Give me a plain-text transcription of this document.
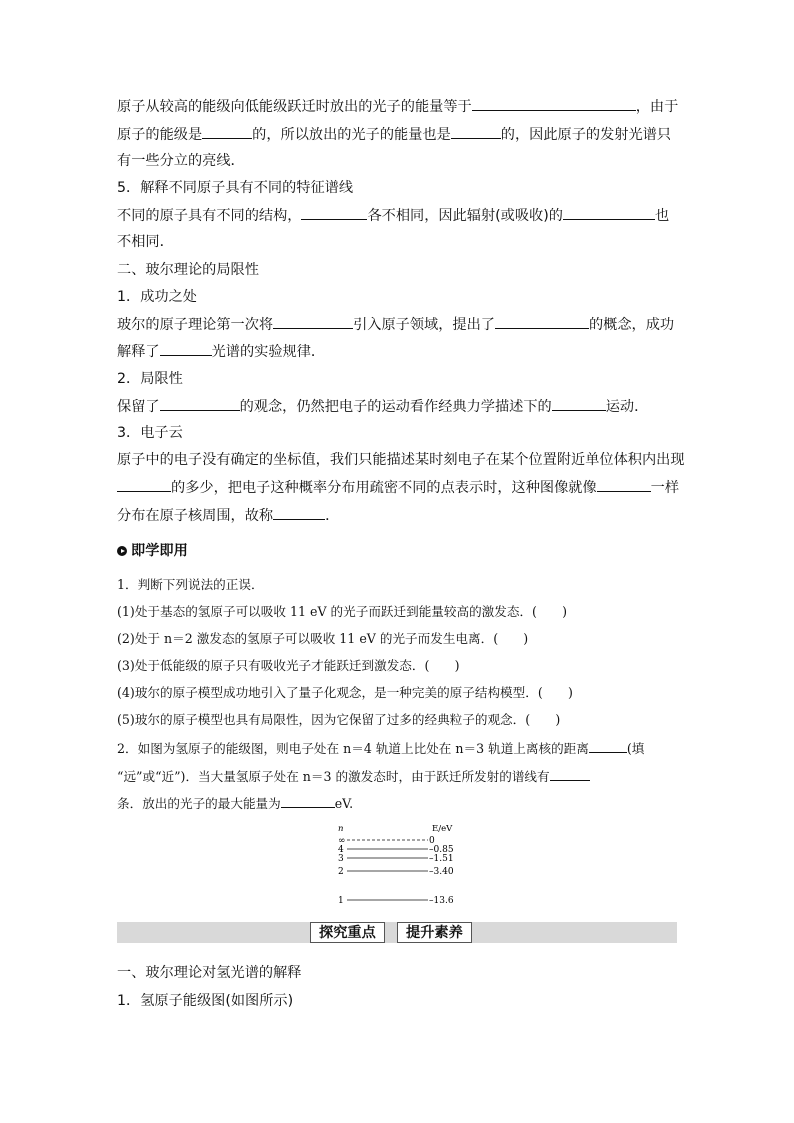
原子从较高的能级向低能级跃迁时放出的光子的能量等于	，由于
原子的能级是	的，所以放出的光子的能量也是	的，因此原子的发射光谱只
有一些分立的亮线．
5．解释不同原子具有不同的特征谱线
不同的原子具有不同的结构，	各不相同，因此辐射(或吸收)的	也
不相同．
二、玻尔理论的局限性
1．成功之处
玻尔的原子理论第一次将	引入原子领域，提出了	的概念，成功
解释了	光谱的实验规律．
2．局限性
保留了	的观念，仍然把电子的运动看作经典力学描述下的	运动．
3．电子云
原子中的电子没有确定的坐标值，我们只能描述某时刻电子在某个位置附近单位体积内出现
的多少，把电子这种概率分布用疏密不同的点表示时，这种图像就像	一样
分布在原子核周围，故称	．
即学即用
1．判断下列说法的正误．
(1)处于基态的氢原子可以吸收 11 eV 的光子而跃迁到能量较高的激发态．(　　)
(2)处于 n＝2 激发态的氢原子可以吸收 11 eV 的光子而发生电离．(　　)
(3)处于低能级的原子只有吸收光子才能跃迁到激发态．(　　)
(4)玻尔的原子模型成功地引入了量子化观念，是一种完美的原子结构模型．(　　)
(5)玻尔的原子模型也具有局限性，因为它保留了过多的经典粒子的观念．(　　)
2．如图为氢原子的能级图，则电子处在 n＝4 轨道上比处在 n＝3 轨道上离核的距离	(填
“远”或“近”)．当大量氢原子处在 n＝3 的激发态时，由于跃迁所发射的谱线有
条．放出的光子的最大能量为	eV.
n	E/eV
∞	0
4	–0.85
3	–1.51
2	–3.40
1	–13.6
探究重点	提升素养
一、玻尔理论对氢光谱的解释
1．氢原子能级图(如图所示)
